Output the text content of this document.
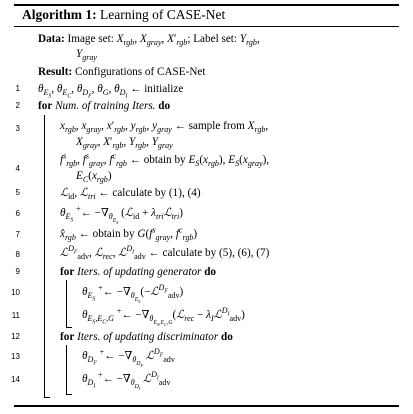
Algorithm 1: Learning of CASE-Net
Data: Image set: $X_{rgb}$, $X_{gray}$, $X'_{rgb}$; Label set: $Y_{rgb}$,
$Y_{gray}$
Result: Configurations of CASE-Net
1
2
3
4
5
6
7
8
9
10
11
12
13
14
$\theta_{E_S}$, $\theta_{E_C}$, $\theta_{D_F}$, $\theta_G$, $\theta_{D_I}$ ← initialize
for Num. of training Iters. do
$x_{rgb}$, $x_{gray}$, $x'_{rgb}$, $y_{rgb}$, $y_{gray}$ ← sample from $X_{rgb}$,
$X_{gray}$, $X'_{rgb}$, $Y_{rgb}$, $Y_{gray}$
$f^s_{rgb}$, $f^s_{gray}$, $f^c_{rgb}$ ← obtain by $E_S(x_{rgb})$, $E_S(x_{gray})$,
$E_C(x_{rgb})$
ℒ$_{id}$, ℒ$_{tri}$ ← calculate by (1), (4)
$\theta_{E_S}$ +← $-\nabla_{\theta_{E_S}}$ (ℒ$_{id}$ + $\lambda_{tri}ℒ_{tri}$)
$x̂_{rgb}$ ← obtain by $G(f^s_{gray}$, $f^c_{rgb}$)
ℒ$^{D_F}_{adv}$, ℒ$_{rec}$, ℒ$^{D_I}_{adv}$ ← calculate by (5), (6), (7)
for Iters. of updating generator do
$\theta_{E_S}$ +← $-\nabla_{\theta_{E_S}}(-ℒ^{D_F}_{adv})$
$\theta_{E_S,E_C,G}$ +← $-\nabla_{\theta_{E_S,E_C,G}}(ℒ_{rec}$ − $\lambda_Iℒ^{D_I}_{adv}$)
for Iters. of updating discriminator do
$\theta_{D_F}$ +← $-\nabla_{\theta_{D_F}}$ ℒ$^{D_F}_{adv}$
$\theta_{D_I}$ +← $-\nabla_{\theta_{D_I}}$ ℒ$^{D_I}_{adv}$
